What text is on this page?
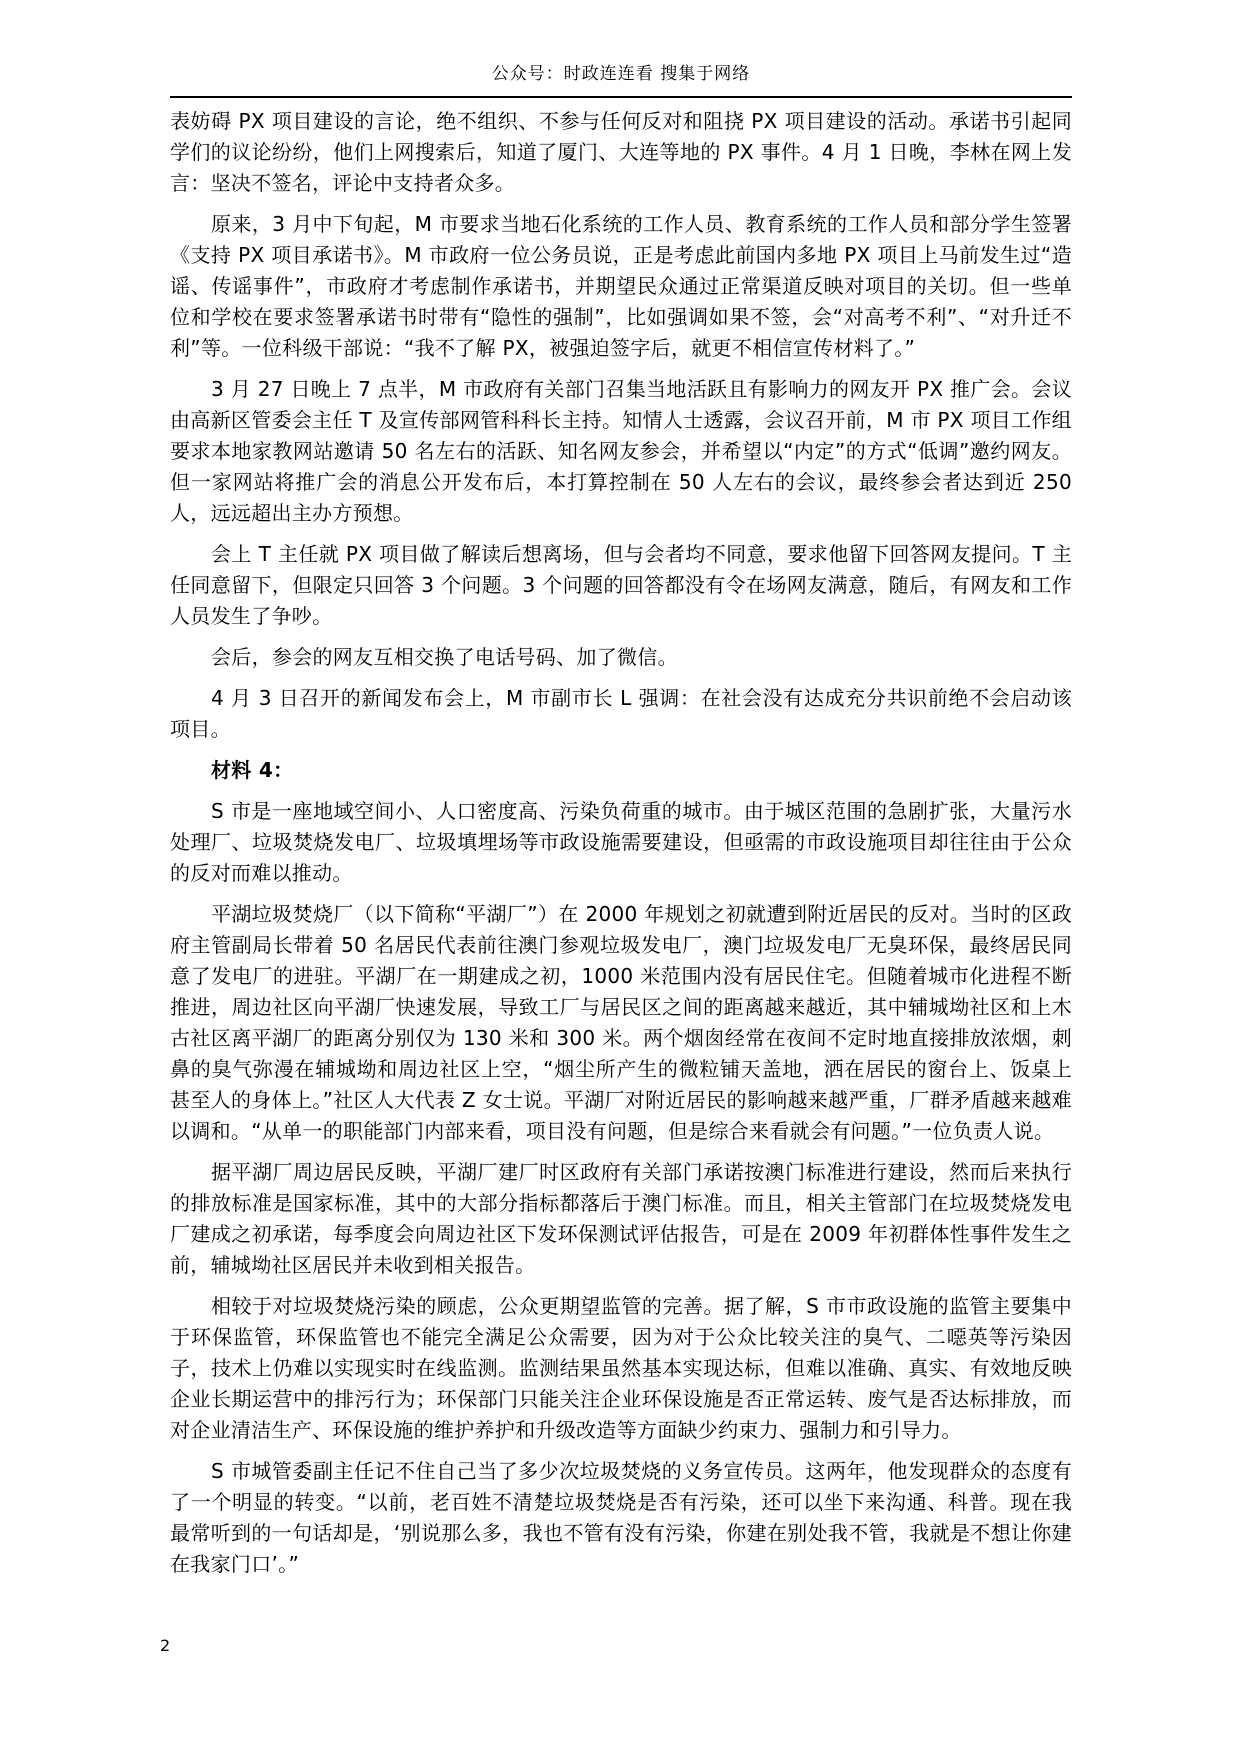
公众号：时政连连看 搜集于网络

表妨碍 PX 项目建设的言论，绝不组织、不参与任何反对和阻挠 PX 项目建设的活动。承诺书引起同学们的议论纷纷，他们上网搜索后，知道了厦门、大连等地的 PX 事件。4 月 1 日晚，李林在网上发言：坚决不签名，评论中支持者众多。

原来，3 月中下旬起，M 市要求当地石化系统的工作人员、教育系统的工作人员和部分学生签署《支持 PX 项目承诺书》。M 市政府一位公务员说，正是考虑此前国内多地 PX 项目上马前发生过“造谣、传谣事件”，市政府才考虑制作承诺书，并期望民众通过正常渠道反映对项目的关切。但一些单位和学校在要求签署承诺书时带有“隐性的强制”，比如强调如果不签，会“对高考不利”、“对升迁不利”等。一位科级干部说：“我不了解 PX，被强迫签字后，就更不相信宣传材料了。”

3 月 27 日晚上 7 点半，M 市政府有关部门召集当地活跃且有影响力的网友开 PX 推广会。会议由高新区管委会主任 T 及宣传部网管科科长主持。知情人士透露，会议召开前，M 市 PX 项目工作组要求本地家教网站邀请 50 名左右的活跃、知名网友参会，并希望以“内定”的方式“低调”邀约网友。但一家网站将推广会的消息公开发布后，本打算控制在 50 人左右的会议，最终参会者达到近 250 人，远远超出主办方预想。

会上 T 主任就 PX 项目做了解读后想离场，但与会者均不同意，要求他留下回答网友提问。T 主任同意留下，但限定只回答 3 个问题。3 个问题的回答都没有令在场网友满意，随后，有网友和工作人员发生了争吵。

会后，参会的网友互相交换了电话号码、加了微信。

4 月 3 日召开的新闻发布会上，M 市副市长 L 强调：在社会没有达成充分共识前绝不会启动该项目。

材料 4：

S 市是一座地域空间小、人口密度高、污染负荷重的城市。由于城区范围的急剧扩张，大量污水处理厂、垃圾焚烧发电厂、垃圾填埋场等市政设施需要建设，但亟需的市政设施项目却往往由于公众的反对而难以推动。

平湖垃圾焚烧厂（以下简称“平湖厂”）在 2000 年规划之初就遭到附近居民的反对。当时的区政府主管副局长带着 50 名居民代表前往澳门参观垃圾发电厂，澳门垃圾发电厂无臭环保，最终居民同意了发电厂的进驻。平湖厂在一期建成之初，1000 米范围内没有居民住宅。但随着城市化进程不断推进，周边社区向平湖厂快速发展，导致工厂与居民区之间的距离越来越近，其中辅城坳社区和上木古社区离平湖厂的距离分别仅为 130 米和 300 米。两个烟囱经常在夜间不定时地直接排放浓烟，刺鼻的臭气弥漫在辅城坳和周边社区上空，“烟尘所产生的微粒铺天盖地，洒在居民的窗台上、饭桌上甚至人的身体上。”社区人大代表 Z 女士说。平湖厂对附近居民的影响越来越严重，厂群矛盾越来越难以调和。“从单一的职能部门内部来看，项目没有问题，但是综合来看就会有问题。”一位负责人说。

据平湖厂周边居民反映，平湖厂建厂时区政府有关部门承诺按澳门标准进行建设，然而后来执行的排放标准是国家标准，其中的大部分指标都落后于澳门标准。而且，相关主管部门在垃圾焚烧发电厂建成之初承诺，每季度会向周边社区下发环保测试评估报告，可是在 2009 年初群体性事件发生之前，辅城坳社区居民并未收到相关报告。

相较于对垃圾焚烧污染的顾虑，公众更期望监管的完善。据了解，S 市市政设施的监管主要集中于环保监管，环保监管也不能完全满足公众需要，因为对于公众比较关注的臭气、二噁英等污染因子，技术上仍难以实现实时在线监测。监测结果虽然基本实现达标，但难以准确、真实、有效地反映企业长期运营中的排污行为；环保部门只能关注企业环保设施是否正常运转、废气是否达标排放，而对企业清洁生产、环保设施的维护养护和升级改造等方面缺少约束力、强制力和引导力。

S 市城管委副主任记不住自己当了多少次垃圾焚烧的义务宣传员。这两年，他发现群众的态度有了一个明显的转变。“以前，老百姓不清楚垃圾焚烧是否有污染，还可以坐下来沟通、科普。现在我最常听到的一句话却是，‘别说那么多，我也不管有没有污染，你建在别处我不管，我就是不想让你建在我家门口’。”

2
